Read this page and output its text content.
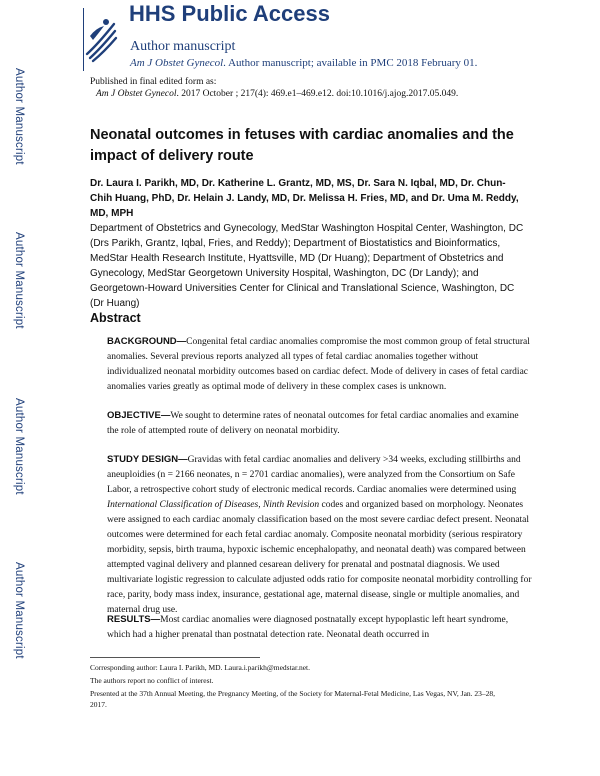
Author Manuscript
Author Manuscript
Author Manuscript
Author Manuscript
HHS Public Access
Author manuscript
Am J Obstet Gynecol. Author manuscript; available in PMC 2018 February 01.
Published in final edited form as:
Am J Obstet Gynecol. 2017 October ; 217(4): 469.e1–469.e12. doi:10.1016/j.ajog.2017.05.049.
Neonatal outcomes in fetuses with cardiac anomalies and the impact of delivery route
Dr. Laura I. Parikh, MD, Dr. Katherine L. Grantz, MD, MS, Dr. Sara N. Iqbal, MD, Dr. Chun-Chih Huang, PhD, Dr. Helain J. Landy, MD, Dr. Melissa H. Fries, MD, and Dr. Uma M. Reddy, MD, MPH
Department of Obstetrics and Gynecology, MedStar Washington Hospital Center, Washington, DC (Drs Parikh, Grantz, Iqbal, Fries, and Reddy); Department of Biostatistics and Bioinformatics, MedStar Health Research Institute, Hyattsville, MD (Dr Huang); Department of Obstetrics and Gynecology, MedStar Georgetown University Hospital, Washington, DC (Dr Landy); and Georgetown-Howard Universities Center for Clinical and Translational Science, Washington, DC (Dr Huang)
Abstract

BACKGROUND—Congenital fetal cardiac anomalies compromise the most common group of fetal structural anomalies. Several previous reports analyzed all types of fetal cardiac anomalies together without individualized neonatal morbidity outcomes based on cardiac defect. Mode of delivery in cases of fetal cardiac anomalies varies greatly as optimal mode of delivery in these complex cases is unknown.

OBJECTIVE—We sought to determine rates of neonatal outcomes for fetal cardiac anomalies and examine the role of attempted route of delivery on neonatal morbidity.

STUDY DESIGN—Gravidas with fetal cardiac anomalies and delivery >34 weeks, excluding stillbirths and aneuploidies (n = 2166 neonates, n = 2701 cardiac anomalies), were analyzed from the Consortium on Safe Labor, a retrospective cohort study of electronic medical records. Cardiac anomalies were determined using International Classification of Diseases, Ninth Revision codes and organized based on morphology. Neonates were assigned to each cardiac anomaly classification based on the most severe cardiac defect present. Neonatal outcomes were determined for each fetal cardiac anomaly. Composite neonatal morbidity (serious respiratory morbidity, sepsis, birth trauma, hypoxic ischemic encephalopathy, and neonatal death) was compared between attempted vaginal delivery and planned cesarean delivery for prenatal and postnatal diagnosis. We used multivariate logistic regression to calculate adjusted odds ratio for composite neonatal morbidity controlling for race, parity, body mass index, insurance, gestational age, maternal disease, single or multiple anomalies, and maternal drug use.

RESULTS—Most cardiac anomalies were diagnosed postnatally except hypoplastic left heart syndrome, which had a higher prenatal than postnatal detection rate. Neonatal death occurred in

Corresponding author: Laura I. Parikh, MD. Laura.i.parikh@medstar.net.
The authors report no conflict of interest.
Presented at the 37th Annual Meeting, the Pregnancy Meeting, of the Society for Maternal-Fetal Medicine, Las Vegas, NV, Jan. 23–28, 2017.
